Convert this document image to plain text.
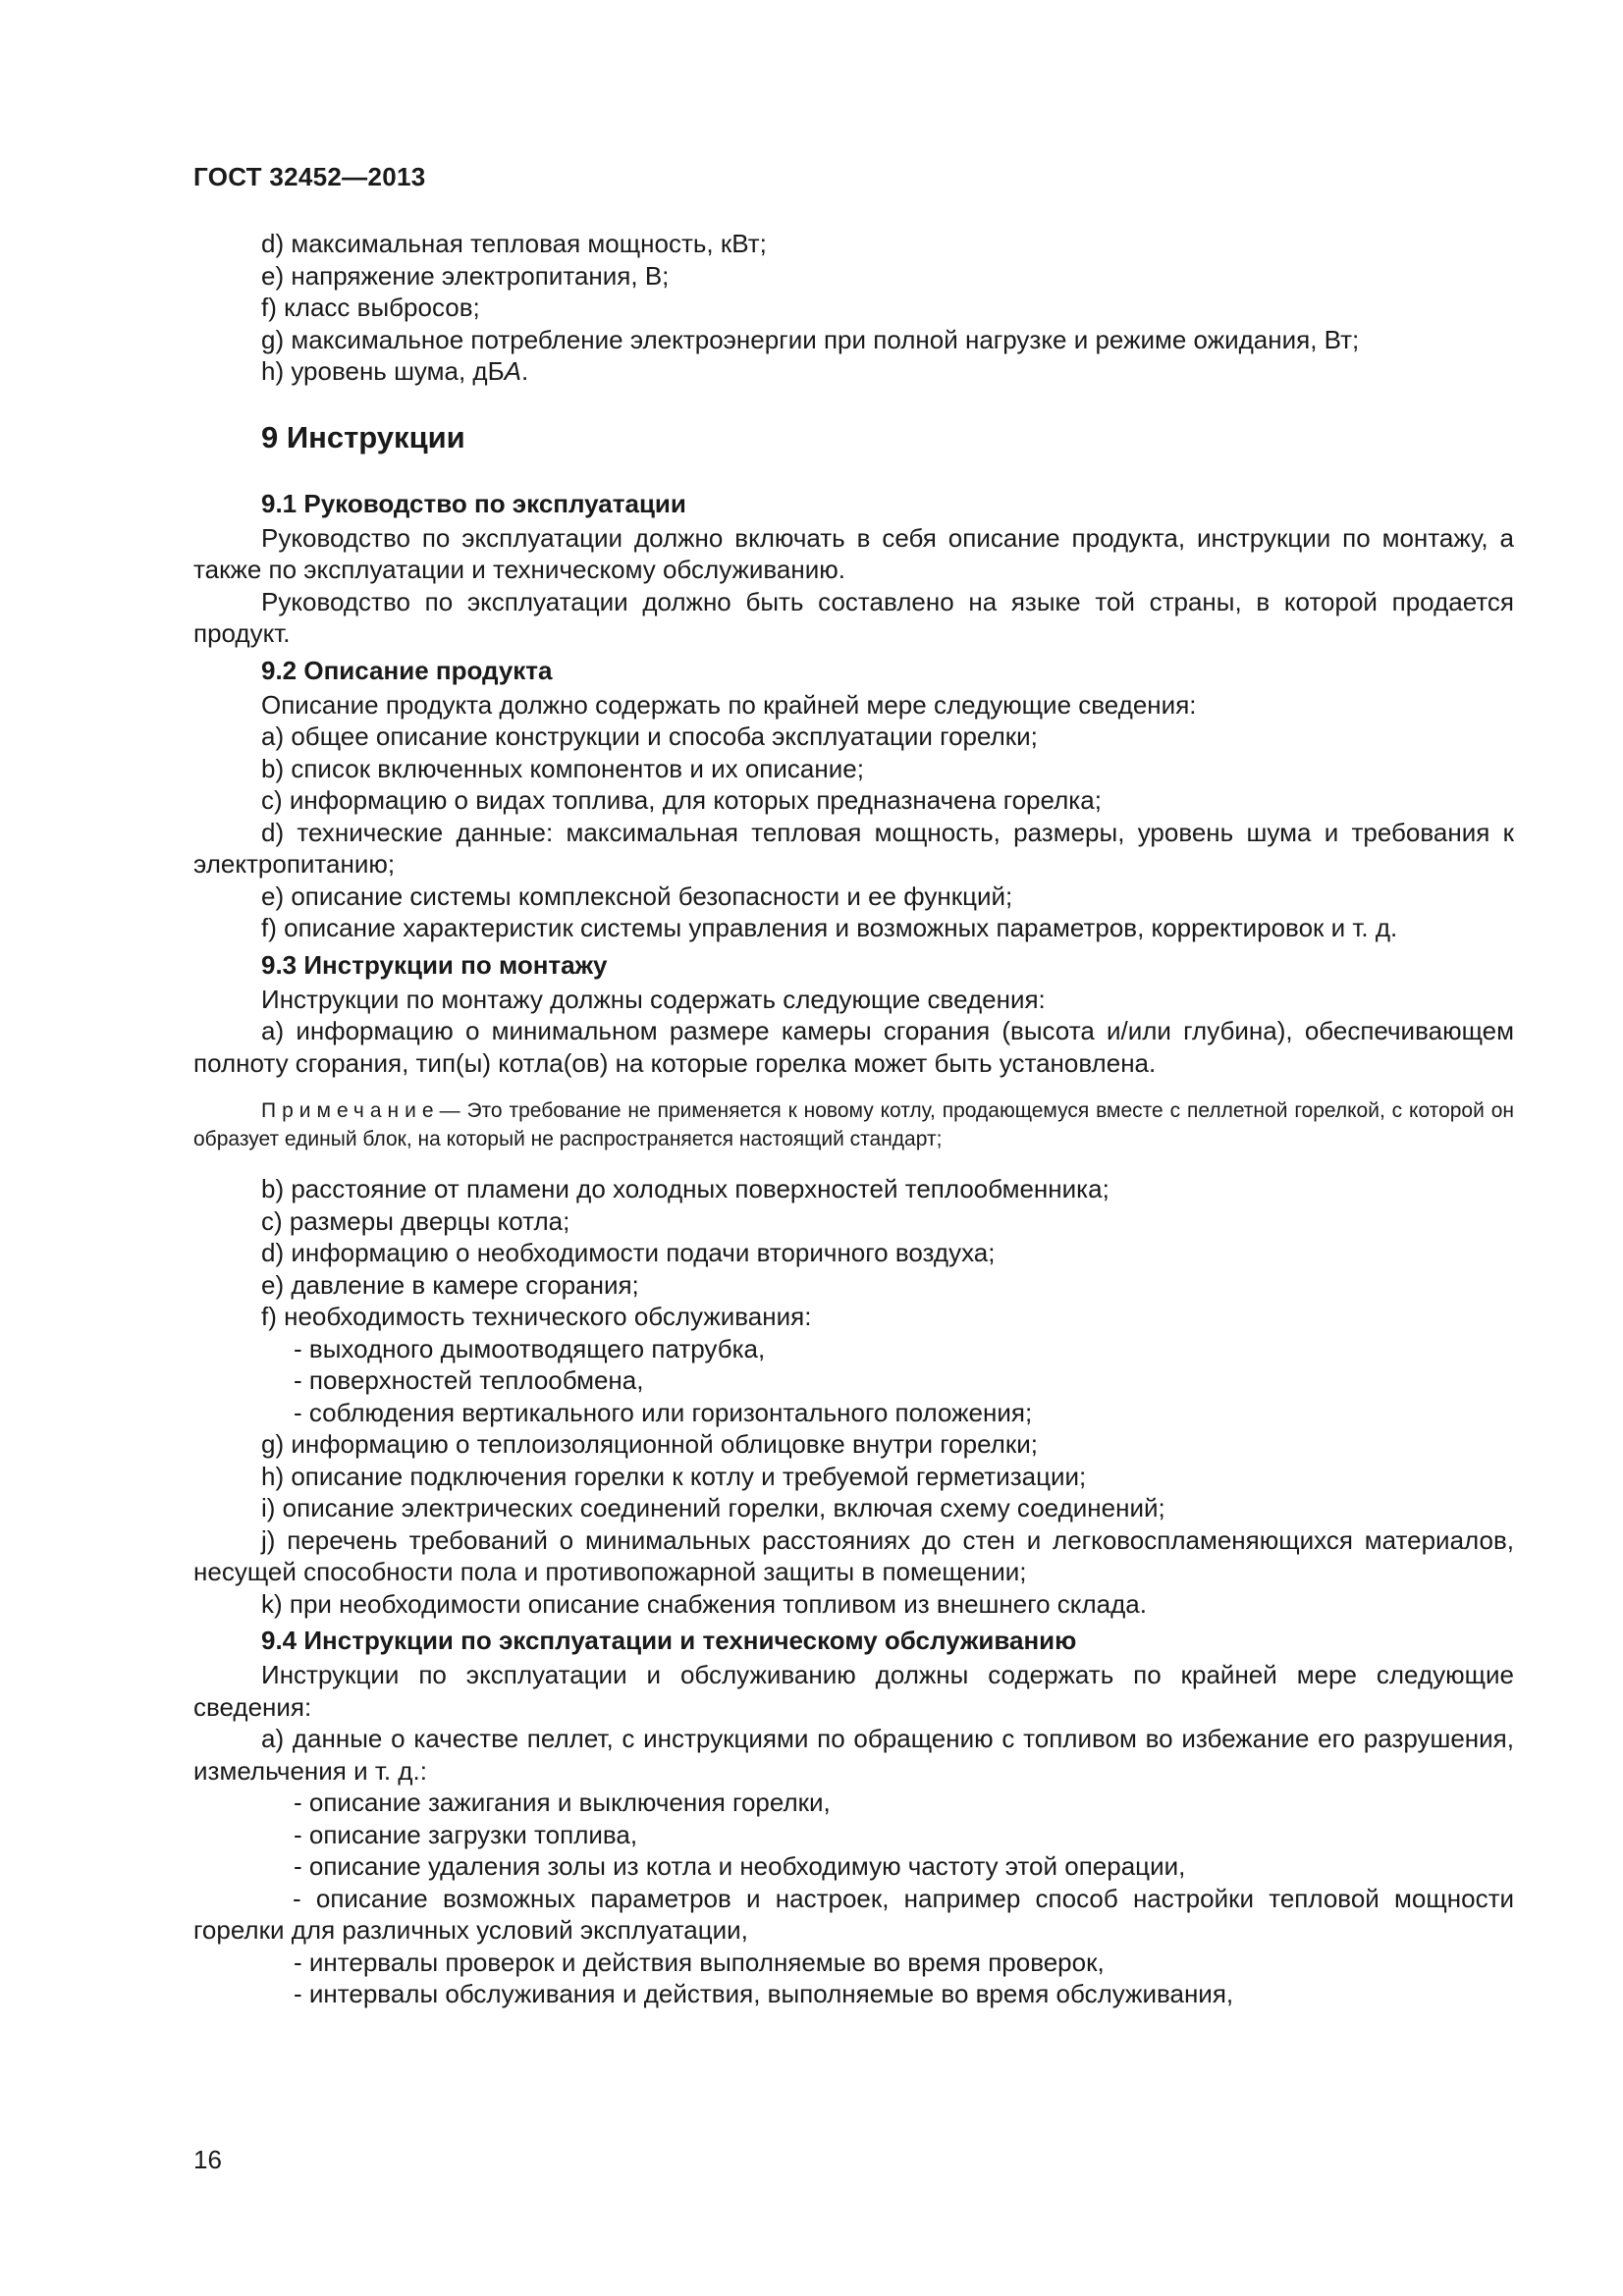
ГОСТ 32452—2013

d) максимальная тепловая мощность, кВт;

e) напряжение электропитания, В;

f) класс выбросов;

g) максимальное потребление электроэнергии при полной нагрузке и режиме ожидания, Вт;

h) уровень шума, дБА.

9 Инструкции
9.1 Руководство по эксплуатации

Руководство по эксплуатации должно включать в себя описание продукта, инструкции по монтажу, а также по эксплуатации и техническому обслуживанию.

Руководство по эксплуатации должно быть составлено на языке той страны, в которой продается продукт.

9.2 Описание продукта

Описание продукта должно содержать по крайней мере следующие сведения:

a) общее описание конструкции и способа эксплуатации горелки;

b) список включенных компонентов и их описание;

c) информацию о видах топлива, для которых предназначена горелка;

d) технические данные: максимальная тепловая мощность, размеры, уровень шума и требования к электропитанию;

e) описание системы комплексной безопасности и ее функций;

f) описание характеристик системы управления и возможных параметров, корректировок и т. д.

9.3 Инструкции по монтажу

Инструкции по монтажу должны содержать следующие сведения:

a) информацию о минимальном размере камеры сгорания (высота и/или глубина), обеспечивающем полноту сгорания, тип(ы) котла(ов) на которые горелка может быть установлена.

Примечание— Это требование не применяется к новому котлу, продающемуся вместе с пеллетной горелкой, с которой он образует единый блок, на который не распространяется настоящий стандарт;

b) расстояние от пламени до холодных поверхностей теплообменника;

c) размеры дверцы котла;

d) информацию о необходимости подачи вторичного воздуха;

e) давление в камере сгорания;

f) необходимость технического обслуживания:

- выходного дымоотводящего патрубка,

- поверхностей теплообмена,

- соблюдения вертикального или горизонтального положения;

g) информацию о теплоизоляционной облицовке внутри горелки;

h) описание подключения горелки к котлу и требуемой герметизации;

i) описание электрических соединений горелки, включая схему соединений;

j) перечень требований о минимальных расстояниях до стен и легковоспламеняющихся материалов, несущей способности пола и противопожарной защиты в помещении;

k) при необходимости описание снабжения топливом из внешнего склада.

9.4 Инструкции по эксплуатации и техническому обслуживанию

Инструкции по эксплуатации и обслуживанию должны содержать по крайней мере следующие сведения:

a) данные о качестве пеллет, с инструкциями по обращению с топливом во избежание его разрушения, измельчения и т. д.:

- описание зажигания и выключения горелки,

- описание загрузки топлива,

- описание удаления золы из котла и необходимую частоту этой операции,

- описание возможных параметров и настроек, например способ настройки тепловой мощности горелки для различных условий эксплуатации,

- интервалы проверок и действия выполняемые во время проверок,

- интервалы обслуживания и действия, выполняемые во время обслуживания,

16
